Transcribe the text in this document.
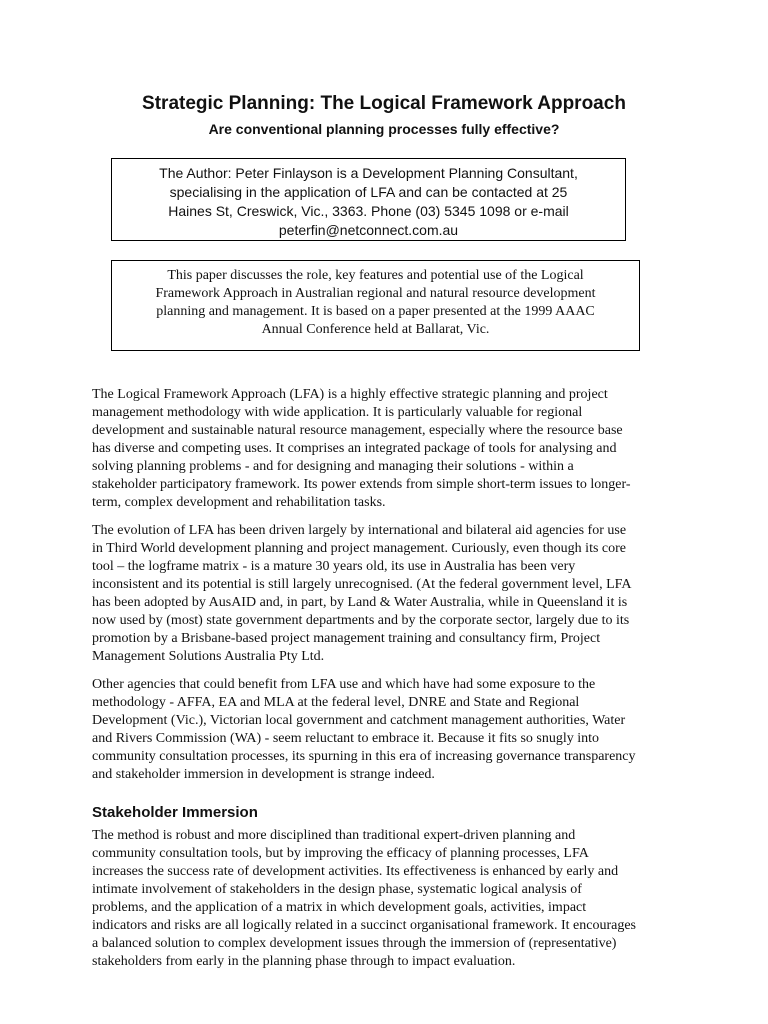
Strategic Planning: The Logical Framework Approach
Are conventional planning processes fully effective?
The Author: Peter Finlayson is a Development Planning Consultant,
specialising in the application of LFA and can be contacted at 25
Haines St, Creswick, Vic., 3363. Phone (03) 5345 1098 or e-mail
peterfin@netconnect.com.au
This paper discusses the role, key features and potential use of the Logical
Framework Approach in Australian regional and natural resource development
planning and management. It is based on a paper presented at the 1999 AAAC
Annual Conference held at Ballarat, Vic.

The Logical Framework Approach (LFA) is a highly effective strategic planning and project
management methodology with wide application. It is particularly valuable for regional
development and sustainable natural resource management, especially where the resource base
has diverse and competing uses. It comprises an integrated package of tools for analysing and
solving planning problems - and for designing and managing their solutions - within a
stakeholder participatory framework. Its power extends from simple short-term issues to longer-
term, complex development and rehabilitation tasks.

The evolution of LFA has been driven largely by international and bilateral aid agencies for use
in Third World development planning and project management. Curiously, even though its core
tool – the logframe matrix - is a mature 30 years old, its use in Australia has been very
inconsistent and its potential is still largely unrecognised. (At the federal government level, LFA
has been adopted by AusAID and, in part, by Land & Water Australia, while in Queensland it is
now used by (most) state government departments and by the corporate sector, largely due to its
promotion by a Brisbane-based project management training and consultancy firm, Project
Management Solutions Australia Pty Ltd.

Other agencies that could benefit from LFA use and which have had some exposure to the
methodology - AFFA, EA and MLA at the federal level, DNRE and State and Regional
Development (Vic.), Victorian local government and catchment management authorities, Water
and Rivers Commission (WA) - seem reluctant to embrace it. Because it fits so snugly into
community consultation processes, its spurning in this era of increasing governance transparency
and stakeholder immersion in development is strange indeed.

Stakeholder Immersion

The method is robust and more disciplined than traditional expert-driven planning and
community consultation tools, but by improving the efficacy of planning processes, LFA
increases the success rate of development activities. Its effectiveness is enhanced by early and
intimate involvement of stakeholders in the design phase, systematic logical analysis of
problems, and the application of a matrix in which development goals, activities, impact
indicators and risks are all logically related in a succinct organisational framework. It encourages
a balanced solution to complex development issues through the immersion of (representative)
stakeholders from early in the planning phase through to impact evaluation.
